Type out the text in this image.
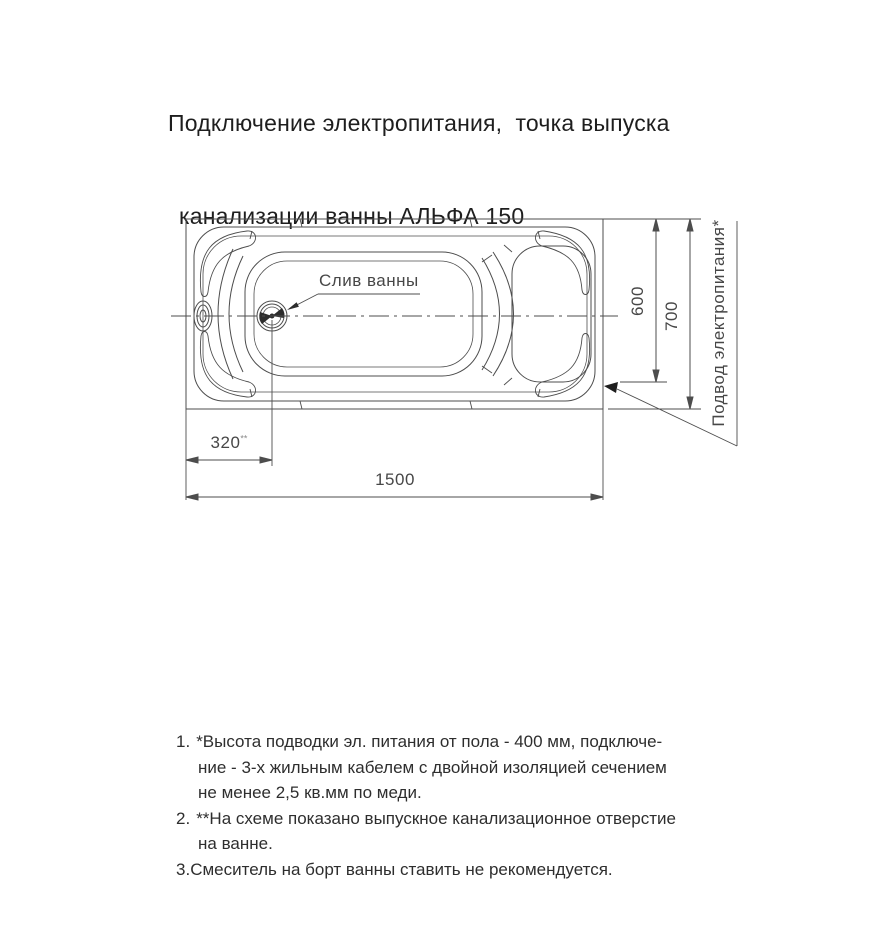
Подключение электропитания,  точка выпуска

канализации ванны АЛЬФА 150

Слив ванны
320**
1500
600
700 Подвод электропитания*
1. *Высота подводки эл. питания от пола - 400 мм, подключе-
ние - 3-х жильным кабелем с двойной изоляцией сечением
не менее 2,5 кв.мм по меди.
2. **На схеме показано выпускное канализационное отверстие
на ванне.
3. Смеситель на борт ванны ставить не рекомендуется.
